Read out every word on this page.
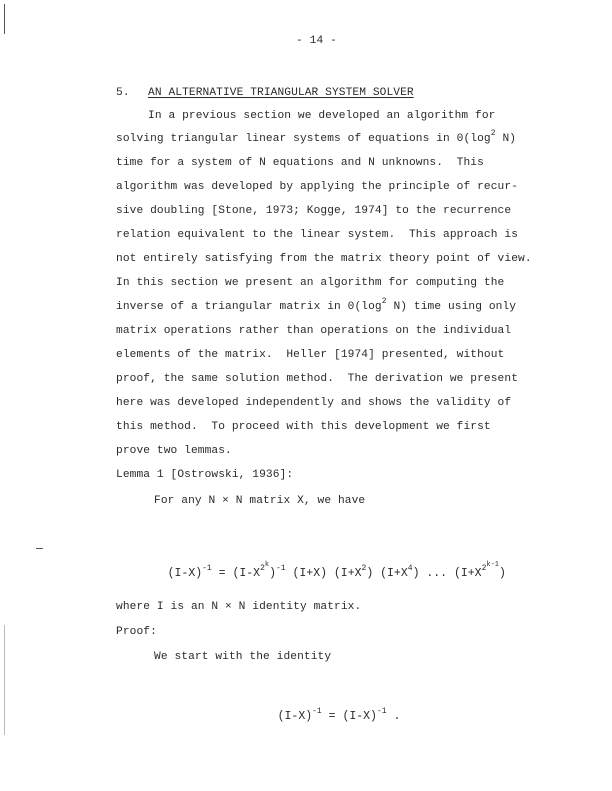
- 14 -
5. AN ALTERNATIVE TRIANGULAR SYSTEM SOLVER
In a previous section we developed an algorithm for
solving triangular linear systems of equations in $0(\log^2$ N)
time for a system of N equations and N unknowns.  This
algorithm was developed by applying the principle of recur-
sive doubling [Stone, 1973; Kogge, 1974] to the recurrence
relation equivalent to the linear system.  This approach is
not entirely satisfying from the matrix theory point of view.
In this section we present an algorithm for computing the
inverse of a triangular matrix in $0(\log^2$ N) time using only
matrix operations rather than operations on the individual
elements of the matrix.  Heller [1974] presented, without
proof, the same solution method.  The derivation we present
here was developed independently and shows the validity of
this method.  To proceed with this development we first
prove two lemmas.
Lemma 1 [Ostrowski, 1936]:
For any N × N matrix X, we have

$(I-X)^{-1} = (I-X^{2^k})^{-1}$ (I+X) $(I+X^2)$ $(I+X^4)$ ... $(I+X^{2^{k-1}})$

where I is an N × N identity matrix.
Proof:
We start with the identity

$(I-X)^{-1} = (I-X)^{-1}$ .
